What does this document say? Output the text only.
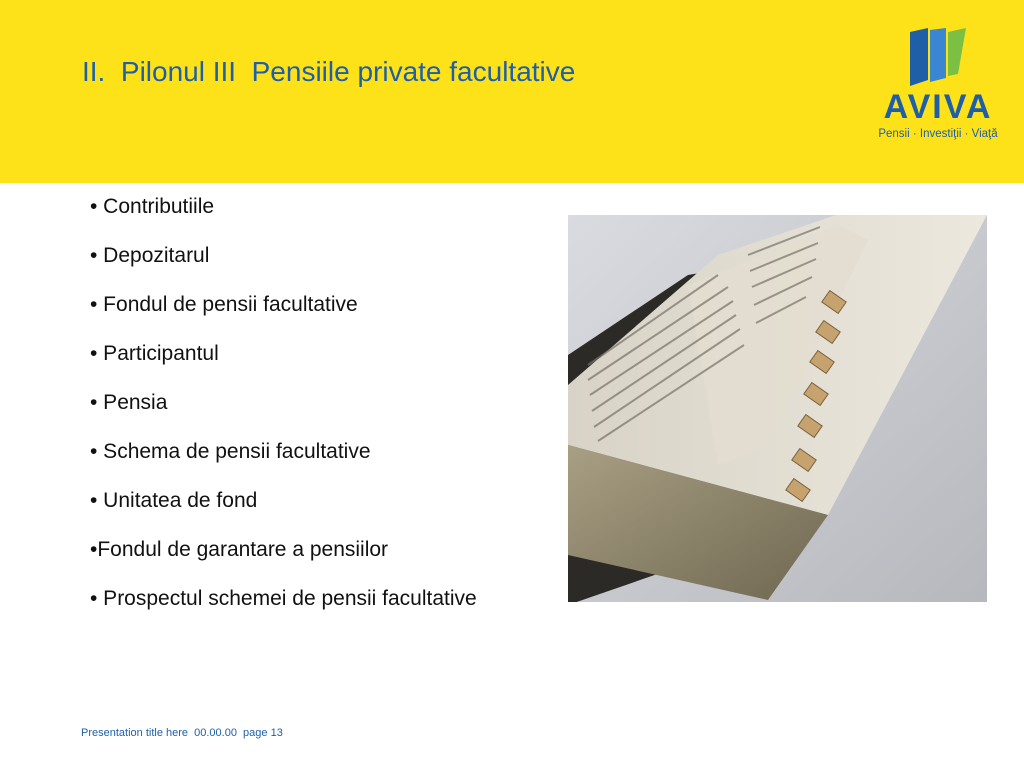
II.  Pilonul III  Pensiile private facultative
AVIVA
Pensii · Investiţii · Viaţă
• Contributiile
• Depozitarul
• Fondul de pensii facultative
• Participantul
• Pensia
• Schema de pensii facultative
• Unitatea de fond
•Fondul de garantare a pensiilor
• Prospectul schemei de pensii facultative
Presentation title here  00.00.00  page 13
